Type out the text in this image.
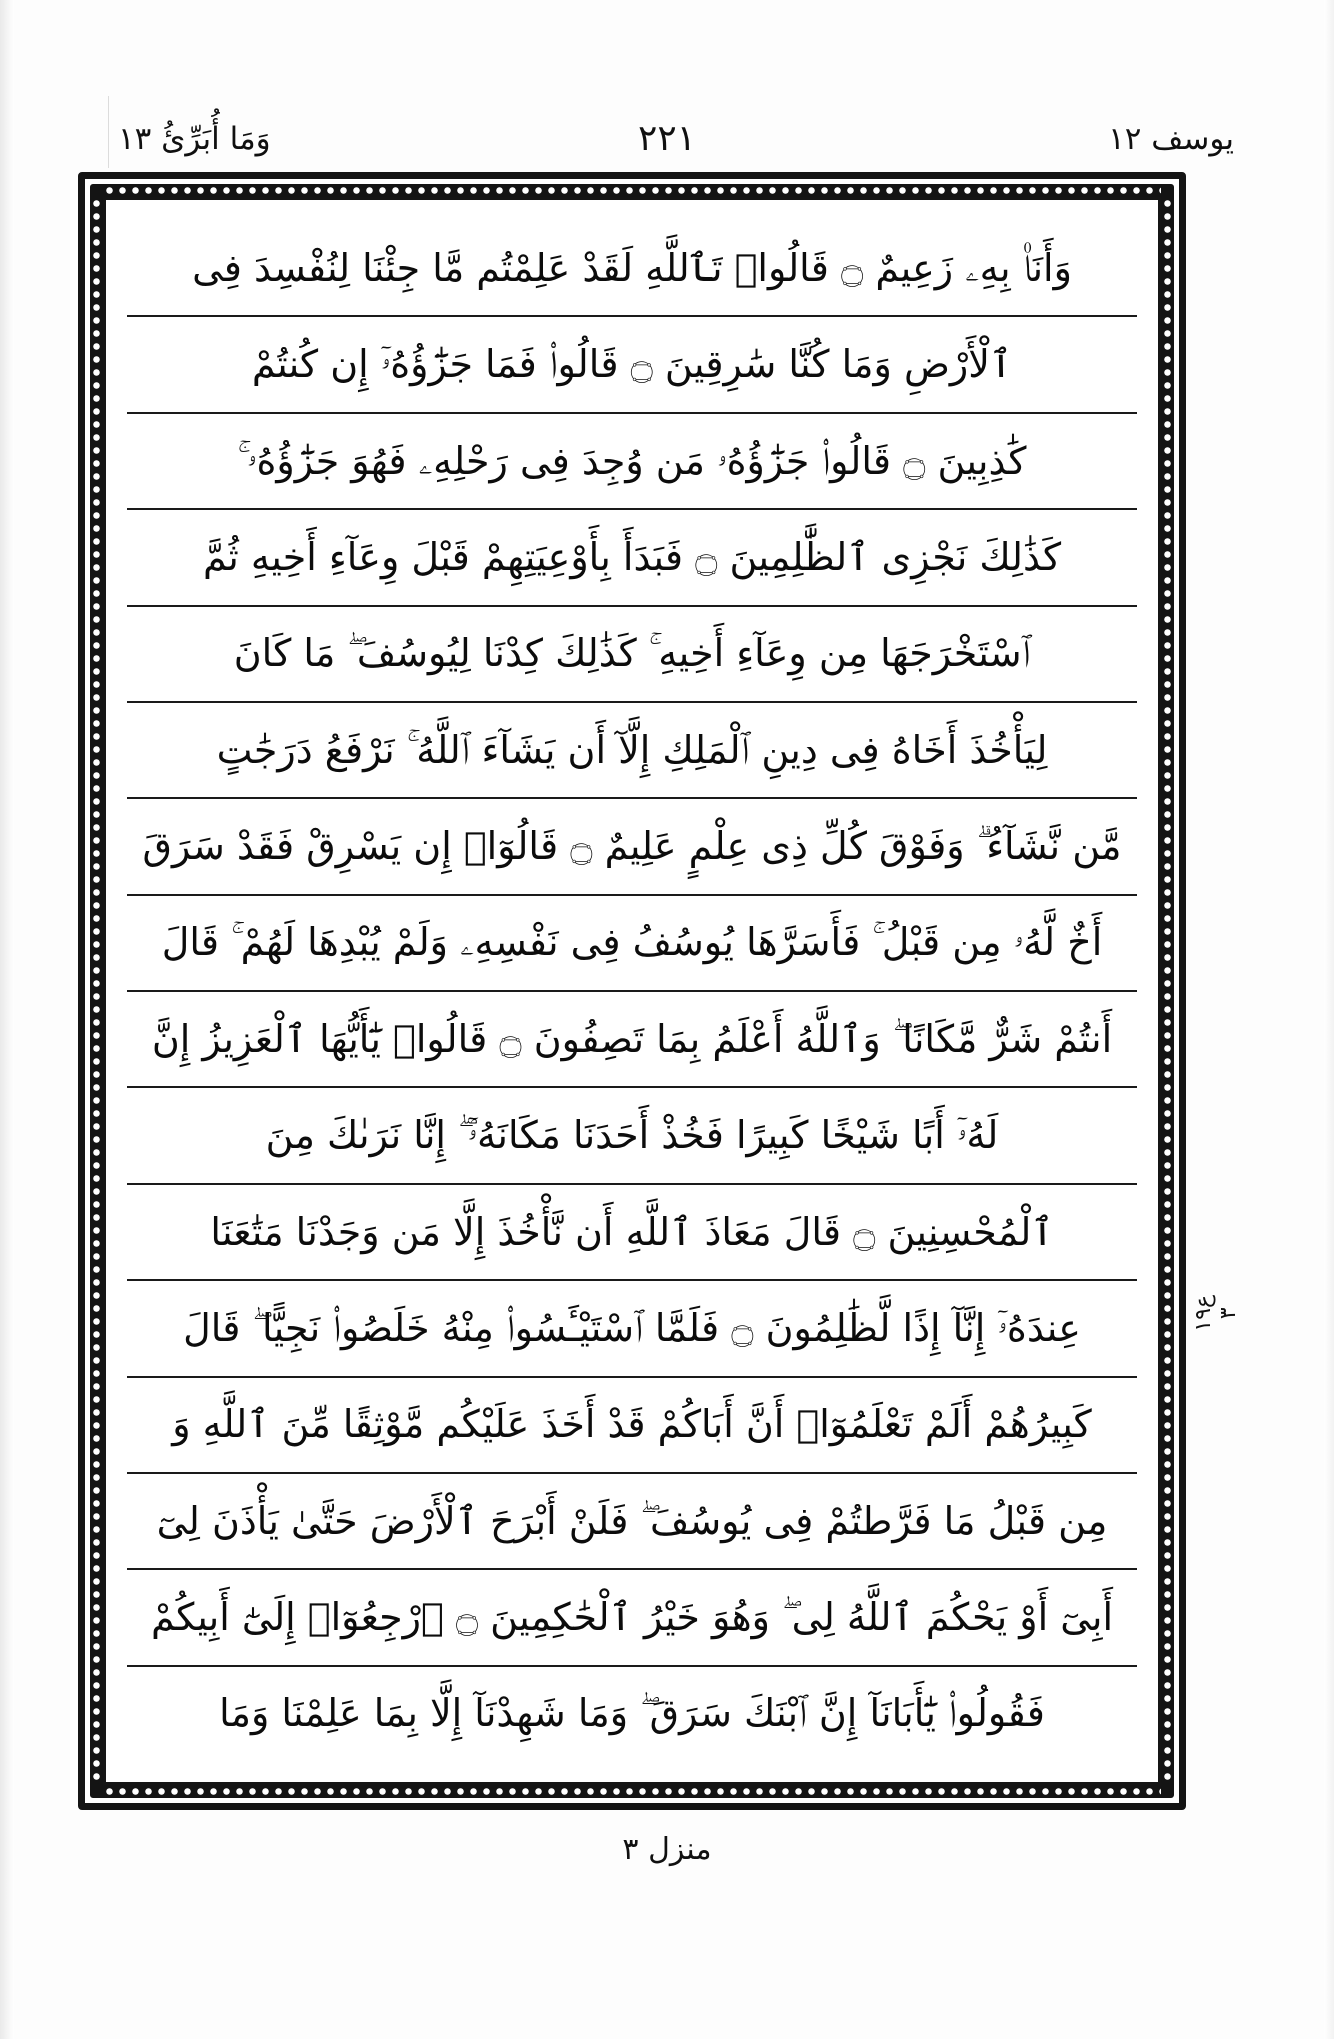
يوسف ١٢
٢٢١
وَمَا أُبَرِّئُ ١٣
وَأَنَا۠ بِهِۦ زَعِيمٌ ۝ قَالُوا۟ تَٱللَّهِ لَقَدْ عَلِمْتُم مَّا جِئْنَا لِنُفْسِدَ فِى
ٱلْأَرْضِ وَمَا كُنَّا سَٰرِقِينَ ۝ قَالُوا۟ فَمَا جَزَٰٓؤُهُۥٓ إِن كُنتُمْ
كَٰذِبِينَ ۝ قَالُوا۟ جَزَٰٓؤُهُۥ مَن وُجِدَ فِى رَحْلِهِۦ فَهُوَ جَزَٰٓؤُهُۥ ۚ
كَذَٰلِكَ نَجْزِى ٱلظَّٰلِمِينَ ۝ فَبَدَأَ بِأَوْعِيَتِهِمْ قَبْلَ وِعَآءِ أَخِيهِ ثُمَّ
ٱسْتَخْرَجَهَا مِن وِعَآءِ أَخِيهِ ۚ كَذَٰلِكَ كِدْنَا لِيُوسُفَ ۖ مَا كَانَ
لِيَأْخُذَ أَخَاهُ فِى دِينِ ٱلْمَلِكِ إِلَّآ أَن يَشَآءَ ٱللَّهُ ۚ نَرْفَعُ دَرَجَٰتٍ
مَّن نَّشَآءُ ۗ وَفَوْقَ كُلِّ ذِى عِلْمٍ عَلِيمٌ ۝ قَالُوٓا۟ إِن يَسْرِقْ فَقَدْ سَرَقَ
أَخٌ لَّهُۥ مِن قَبْلُ ۚ فَأَسَرَّهَا يُوسُفُ فِى نَفْسِهِۦ وَلَمْ يُبْدِهَا لَهُمْ ۚ قَالَ
أَنتُمْ شَرٌّ مَّكَانًا ۖ وَٱللَّهُ أَعْلَمُ بِمَا تَصِفُونَ ۝ قَالُوا۟ يَٰٓأَيُّهَا ٱلْعَزِيزُ إِنَّ
لَهُۥٓ أَبًا شَيْخًا كَبِيرًا فَخُذْ أَحَدَنَا مَكَانَهُۥٓ ۖ إِنَّا نَرَىٰكَ مِنَ
ٱلْمُحْسِنِينَ ۝ قَالَ مَعَاذَ ٱللَّهِ أَن نَّأْخُذَ إِلَّا مَن وَجَدْنَا مَتَٰعَنَا
عِندَهُۥٓ إِنَّآ إِذًا لَّظَٰلِمُونَ ۝ فَلَمَّا ٱسْتَيْـَٔسُوا۟ مِنْهُ خَلَصُوا۟ نَجِيًّا ۖ قَالَ
كَبِيرُهُمْ أَلَمْ تَعْلَمُوٓا۟ أَنَّ أَبَاكُمْ قَدْ أَخَذَ عَلَيْكُم مَّوْثِقًا مِّنَ ٱللَّهِ وَ
مِن قَبْلُ مَا فَرَّطتُمْ فِى يُوسُفَ ۖ فَلَنْ أَبْرَحَ ٱلْأَرْضَ حَتَّىٰ يَأْذَنَ لِىٓ
أَبِىٓ أَوْ يَحْكُمَ ٱللَّهُ لِى ۖ وَهُوَ خَيْرُ ٱلْحَٰكِمِينَ ۝ ٱرْجِعُوٓا۟ إِلَىٰٓ أَبِيكُمْ
فَقُولُوا۟ يَٰٓأَبَانَآ إِنَّ ٱبْنَكَ سَرَقَ ۖ وَمَا شَهِدْنَآ إِلَّا بِمَا عَلِمْنَا وَمَا
ع١٩
٣
منزل ٣
